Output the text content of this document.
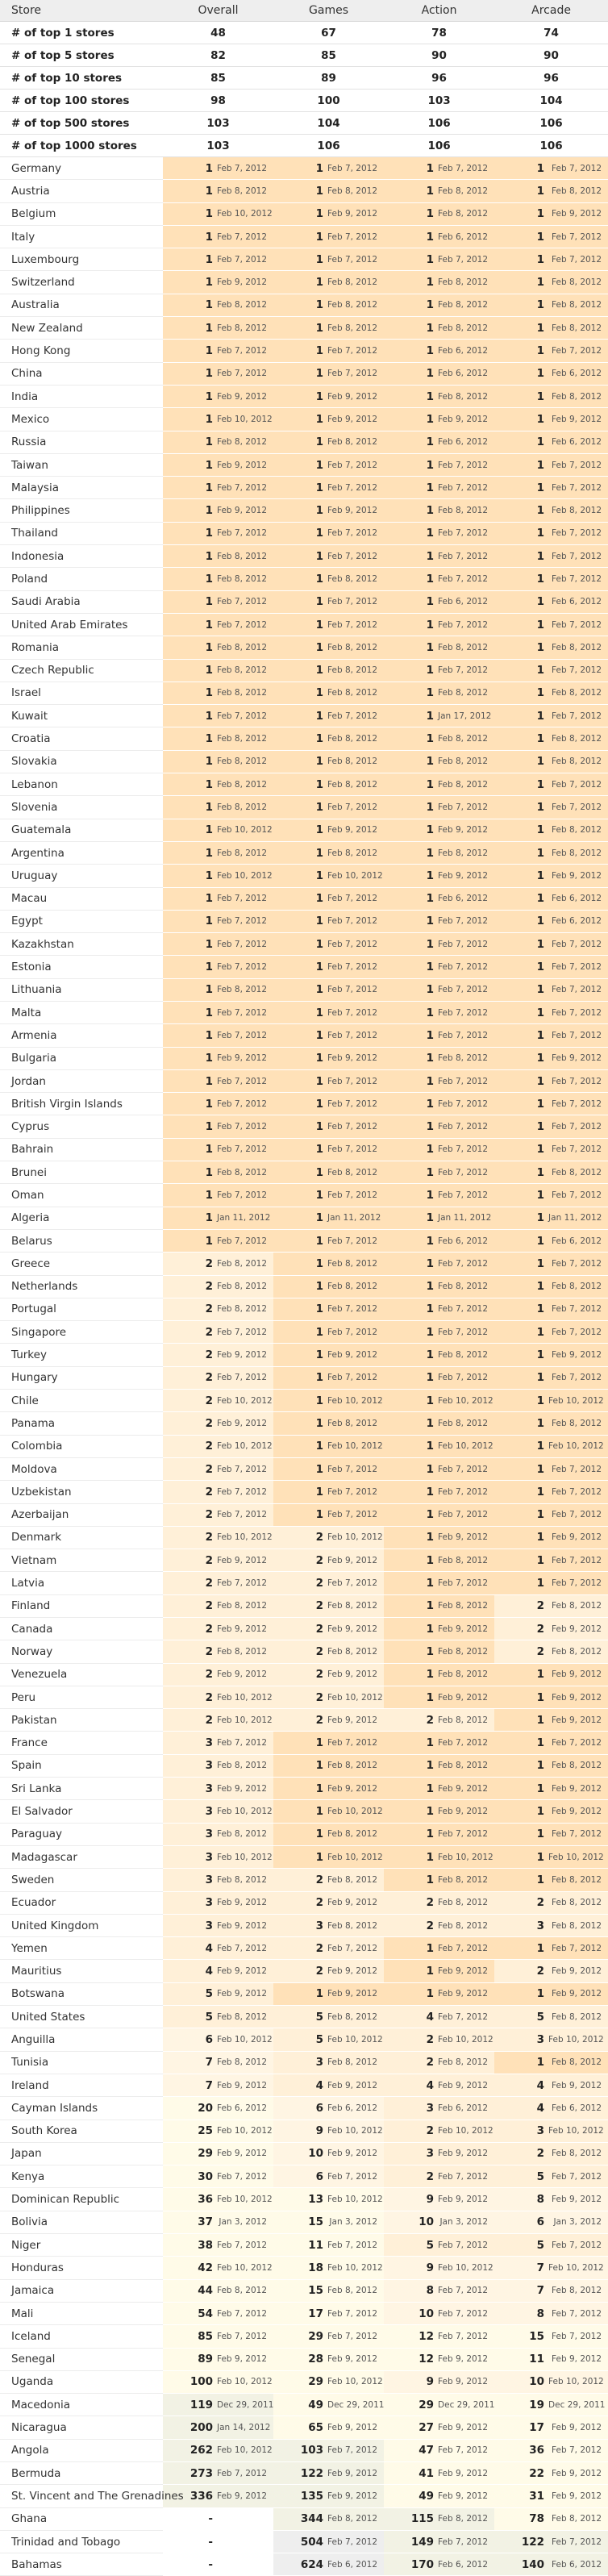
Store	Overall		Games		Action		Arcade	
# of top 1 stores	48		67		78		74	
# of top 5 stores	82		85		90		90	
# of top 10 stores	85		89		96		96	
# of top 100 stores	98		100		103		104	
# of top 500 stores	103		104		106		106	
# of top 1000 stores	103		106		106		106	
Germany	1	Feb 7, 2012	1	Feb 7, 2012	1	Feb 7, 2012	1	Feb 7, 2012
Austria	1	Feb 8, 2012	1	Feb 8, 2012	1	Feb 8, 2012	1	Feb 8, 2012
Belgium	1	Feb 10, 2012	1	Feb 9, 2012	1	Feb 8, 2012	1	Feb 9, 2012
Italy	1	Feb 7, 2012	1	Feb 7, 2012	1	Feb 6, 2012	1	Feb 7, 2012
Luxembourg	1	Feb 7, 2012	1	Feb 7, 2012	1	Feb 7, 2012	1	Feb 7, 2012
Switzerland	1	Feb 9, 2012	1	Feb 8, 2012	1	Feb 8, 2012	1	Feb 8, 2012
Australia	1	Feb 8, 2012	1	Feb 8, 2012	1	Feb 8, 2012	1	Feb 8, 2012
New Zealand	1	Feb 8, 2012	1	Feb 8, 2012	1	Feb 8, 2012	1	Feb 8, 2012
Hong Kong	1	Feb 7, 2012	1	Feb 7, 2012	1	Feb 6, 2012	1	Feb 7, 2012
China	1	Feb 7, 2012	1	Feb 7, 2012	1	Feb 6, 2012	1	Feb 6, 2012
India	1	Feb 9, 2012	1	Feb 9, 2012	1	Feb 8, 2012	1	Feb 8, 2012
Mexico	1	Feb 10, 2012	1	Feb 9, 2012	1	Feb 9, 2012	1	Feb 9, 2012
Russia	1	Feb 8, 2012	1	Feb 8, 2012	1	Feb 6, 2012	1	Feb 6, 2012
Taiwan	1	Feb 9, 2012	1	Feb 7, 2012	1	Feb 7, 2012	1	Feb 7, 2012
Malaysia	1	Feb 7, 2012	1	Feb 7, 2012	1	Feb 7, 2012	1	Feb 7, 2012
Philippines	1	Feb 9, 2012	1	Feb 9, 2012	1	Feb 8, 2012	1	Feb 8, 2012
Thailand	1	Feb 7, 2012	1	Feb 7, 2012	1	Feb 7, 2012	1	Feb 7, 2012
Indonesia	1	Feb 8, 2012	1	Feb 7, 2012	1	Feb 7, 2012	1	Feb 7, 2012
Poland	1	Feb 8, 2012	1	Feb 8, 2012	1	Feb 7, 2012	1	Feb 7, 2012
Saudi Arabia	1	Feb 7, 2012	1	Feb 7, 2012	1	Feb 6, 2012	1	Feb 6, 2012
United Arab Emirates	1	Feb 7, 2012	1	Feb 7, 2012	1	Feb 7, 2012	1	Feb 7, 2012
Romania	1	Feb 8, 2012	1	Feb 8, 2012	1	Feb 8, 2012	1	Feb 8, 2012
Czech Republic	1	Feb 8, 2012	1	Feb 8, 2012	1	Feb 7, 2012	1	Feb 7, 2012
Israel	1	Feb 8, 2012	1	Feb 8, 2012	1	Feb 8, 2012	1	Feb 8, 2012
Kuwait	1	Feb 7, 2012	1	Feb 7, 2012	1	Jan 17, 2012	1	Feb 7, 2012
Croatia	1	Feb 8, 2012	1	Feb 8, 2012	1	Feb 8, 2012	1	Feb 8, 2012
Slovakia	1	Feb 8, 2012	1	Feb 8, 2012	1	Feb 8, 2012	1	Feb 8, 2012
Lebanon	1	Feb 8, 2012	1	Feb 8, 2012	1	Feb 8, 2012	1	Feb 7, 2012
Slovenia	1	Feb 8, 2012	1	Feb 7, 2012	1	Feb 7, 2012	1	Feb 7, 2012
Guatemala	1	Feb 10, 2012	1	Feb 9, 2012	1	Feb 9, 2012	1	Feb 8, 2012
Argentina	1	Feb 8, 2012	1	Feb 8, 2012	1	Feb 8, 2012	1	Feb 8, 2012
Uruguay	1	Feb 10, 2012	1	Feb 10, 2012	1	Feb 9, 2012	1	Feb 9, 2012
Macau	1	Feb 7, 2012	1	Feb 7, 2012	1	Feb 6, 2012	1	Feb 6, 2012
Egypt	1	Feb 7, 2012	1	Feb 7, 2012	1	Feb 7, 2012	1	Feb 6, 2012
Kazakhstan	1	Feb 7, 2012	1	Feb 7, 2012	1	Feb 7, 2012	1	Feb 7, 2012
Estonia	1	Feb 7, 2012	1	Feb 7, 2012	1	Feb 7, 2012	1	Feb 7, 2012
Lithuania	1	Feb 8, 2012	1	Feb 7, 2012	1	Feb 7, 2012	1	Feb 7, 2012
Malta	1	Feb 7, 2012	1	Feb 7, 2012	1	Feb 7, 2012	1	Feb 7, 2012
Armenia	1	Feb 7, 2012	1	Feb 7, 2012	1	Feb 7, 2012	1	Feb 7, 2012
Bulgaria	1	Feb 9, 2012	1	Feb 9, 2012	1	Feb 8, 2012	1	Feb 9, 2012
Jordan	1	Feb 7, 2012	1	Feb 7, 2012	1	Feb 7, 2012	1	Feb 7, 2012
British Virgin Islands	1	Feb 7, 2012	1	Feb 7, 2012	1	Feb 7, 2012	1	Feb 7, 2012
Cyprus	1	Feb 7, 2012	1	Feb 7, 2012	1	Feb 7, 2012	1	Feb 7, 2012
Bahrain	1	Feb 7, 2012	1	Feb 7, 2012	1	Feb 7, 2012	1	Feb 7, 2012
Brunei	1	Feb 8, 2012	1	Feb 8, 2012	1	Feb 7, 2012	1	Feb 8, 2012
Oman	1	Feb 7, 2012	1	Feb 7, 2012	1	Feb 7, 2012	1	Feb 7, 2012
Algeria	1	Jan 11, 2012	1	Jan 11, 2012	1	Jan 11, 2012	1	Jan 11, 2012
Belarus	1	Feb 7, 2012	1	Feb 7, 2012	1	Feb 6, 2012	1	Feb 6, 2012
Greece	2	Feb 8, 2012	1	Feb 8, 2012	1	Feb 7, 2012	1	Feb 7, 2012
Netherlands	2	Feb 8, 2012	1	Feb 8, 2012	1	Feb 8, 2012	1	Feb 8, 2012
Portugal	2	Feb 8, 2012	1	Feb 7, 2012	1	Feb 7, 2012	1	Feb 7, 2012
Singapore	2	Feb 7, 2012	1	Feb 7, 2012	1	Feb 7, 2012	1	Feb 7, 2012
Turkey	2	Feb 9, 2012	1	Feb 9, 2012	1	Feb 8, 2012	1	Feb 9, 2012
Hungary	2	Feb 7, 2012	1	Feb 7, 2012	1	Feb 7, 2012	1	Feb 7, 2012
Chile	2	Feb 10, 2012	1	Feb 10, 2012	1	Feb 10, 2012	1	Feb 10, 2012
Panama	2	Feb 9, 2012	1	Feb 8, 2012	1	Feb 8, 2012	1	Feb 8, 2012
Colombia	2	Feb 10, 2012	1	Feb 10, 2012	1	Feb 10, 2012	1	Feb 10, 2012
Moldova	2	Feb 7, 2012	1	Feb 7, 2012	1	Feb 7, 2012	1	Feb 7, 2012
Uzbekistan	2	Feb 7, 2012	1	Feb 7, 2012	1	Feb 7, 2012	1	Feb 7, 2012
Azerbaijan	2	Feb 7, 2012	1	Feb 7, 2012	1	Feb 7, 2012	1	Feb 7, 2012
Denmark	2	Feb 10, 2012	2	Feb 10, 2012	1	Feb 9, 2012	1	Feb 9, 2012
Vietnam	2	Feb 9, 2012	2	Feb 9, 2012	1	Feb 8, 2012	1	Feb 7, 2012
Latvia	2	Feb 7, 2012	2	Feb 7, 2012	1	Feb 7, 2012	1	Feb 7, 2012
Finland	2	Feb 8, 2012	2	Feb 8, 2012	1	Feb 8, 2012	2	Feb 8, 2012
Canada	2	Feb 9, 2012	2	Feb 9, 2012	1	Feb 9, 2012	2	Feb 9, 2012
Norway	2	Feb 8, 2012	2	Feb 8, 2012	1	Feb 8, 2012	2	Feb 8, 2012
Venezuela	2	Feb 9, 2012	2	Feb 9, 2012	1	Feb 8, 2012	1	Feb 9, 2012
Peru	2	Feb 10, 2012	2	Feb 10, 2012	1	Feb 9, 2012	1	Feb 9, 2012
Pakistan	2	Feb 10, 2012	2	Feb 9, 2012	2	Feb 8, 2012	1	Feb 9, 2012
France	3	Feb 7, 2012	1	Feb 7, 2012	1	Feb 7, 2012	1	Feb 7, 2012
Spain	3	Feb 8, 2012	1	Feb 8, 2012	1	Feb 8, 2012	1	Feb 8, 2012
Sri Lanka	3	Feb 9, 2012	1	Feb 9, 2012	1	Feb 9, 2012	1	Feb 9, 2012
El Salvador	3	Feb 10, 2012	1	Feb 10, 2012	1	Feb 9, 2012	1	Feb 9, 2012
Paraguay	3	Feb 8, 2012	1	Feb 8, 2012	1	Feb 7, 2012	1	Feb 7, 2012
Madagascar	3	Feb 10, 2012	1	Feb 10, 2012	1	Feb 10, 2012	1	Feb 10, 2012
Sweden	3	Feb 8, 2012	2	Feb 8, 2012	1	Feb 8, 2012	1	Feb 8, 2012
Ecuador	3	Feb 9, 2012	2	Feb 9, 2012	2	Feb 8, 2012	2	Feb 8, 2012
United Kingdom	3	Feb 9, 2012	3	Feb 8, 2012	2	Feb 8, 2012	3	Feb 8, 2012
Yemen	4	Feb 7, 2012	2	Feb 7, 2012	1	Feb 7, 2012	1	Feb 7, 2012
Mauritius	4	Feb 9, 2012	2	Feb 9, 2012	1	Feb 9, 2012	2	Feb 9, 2012
Botswana	5	Feb 9, 2012	1	Feb 9, 2012	1	Feb 9, 2012	1	Feb 9, 2012
United States	5	Feb 8, 2012	5	Feb 8, 2012	4	Feb 7, 2012	5	Feb 8, 2012
Anguilla	6	Feb 10, 2012	5	Feb 10, 2012	2	Feb 10, 2012	3	Feb 10, 2012
Tunisia	7	Feb 8, 2012	3	Feb 8, 2012	2	Feb 8, 2012	1	Feb 8, 2012
Ireland	7	Feb 9, 2012	4	Feb 9, 2012	4	Feb 9, 2012	4	Feb 9, 2012
Cayman Islands	20	Feb 6, 2012	6	Feb 6, 2012	3	Feb 6, 2012	4	Feb 6, 2012
South Korea	25	Feb 10, 2012	9	Feb 10, 2012	2	Feb 10, 2012	3	Feb 10, 2012
Japan	29	Feb 9, 2012	10	Feb 9, 2012	3	Feb 9, 2012	2	Feb 8, 2012
Kenya	30	Feb 7, 2012	6	Feb 7, 2012	2	Feb 7, 2012	5	Feb 7, 2012
Dominican Republic	36	Feb 10, 2012	13	Feb 10, 2012	9	Feb 9, 2012	8	Feb 9, 2012
Bolivia	37	Jan 3, 2012	15	Jan 3, 2012	10	Jan 3, 2012	6	Jan 3, 2012
Niger	38	Feb 7, 2012	11	Feb 7, 2012	5	Feb 7, 2012	5	Feb 7, 2012
Honduras	42	Feb 10, 2012	18	Feb 10, 2012	9	Feb 10, 2012	7	Feb 10, 2012
Jamaica	44	Feb 8, 2012	15	Feb 8, 2012	8	Feb 7, 2012	7	Feb 8, 2012
Mali	54	Feb 7, 2012	17	Feb 7, 2012	10	Feb 7, 2012	8	Feb 7, 2012
Iceland	85	Feb 7, 2012	29	Feb 7, 2012	12	Feb 7, 2012	15	Feb 7, 2012
Senegal	89	Feb 9, 2012	28	Feb 9, 2012	12	Feb 9, 2012	11	Feb 9, 2012
Uganda	100	Feb 10, 2012	29	Feb 10, 2012	9	Feb 9, 2012	10	Feb 10, 2012
Macedonia	119	Dec 29, 2011	49	Dec 29, 2011	29	Dec 29, 2011	19	Dec 29, 2011
Nicaragua	200	Jan 14, 2012	65	Feb 9, 2012	27	Feb 9, 2012	17	Feb 9, 2012
Angola	262	Feb 10, 2012	103	Feb 7, 2012	47	Feb 7, 2012	36	Feb 7, 2012
Bermuda	273	Feb 7, 2012	122	Feb 9, 2012	41	Feb 9, 2012	22	Feb 9, 2012
St. Vincent and The Grenadines	336	Feb 9, 2012	135	Feb 9, 2012	49	Feb 9, 2012	31	Feb 9, 2012
Ghana	-		344	Feb 8, 2012	115	Feb 8, 2012	78	Feb 8, 2012
Trinidad and Tobago	-		504	Feb 7, 2012	149	Feb 7, 2012	122	Feb 7, 2012
Bahamas	-		624	Feb 6, 2012	170	Feb 6, 2012	140	Feb 6, 2012
